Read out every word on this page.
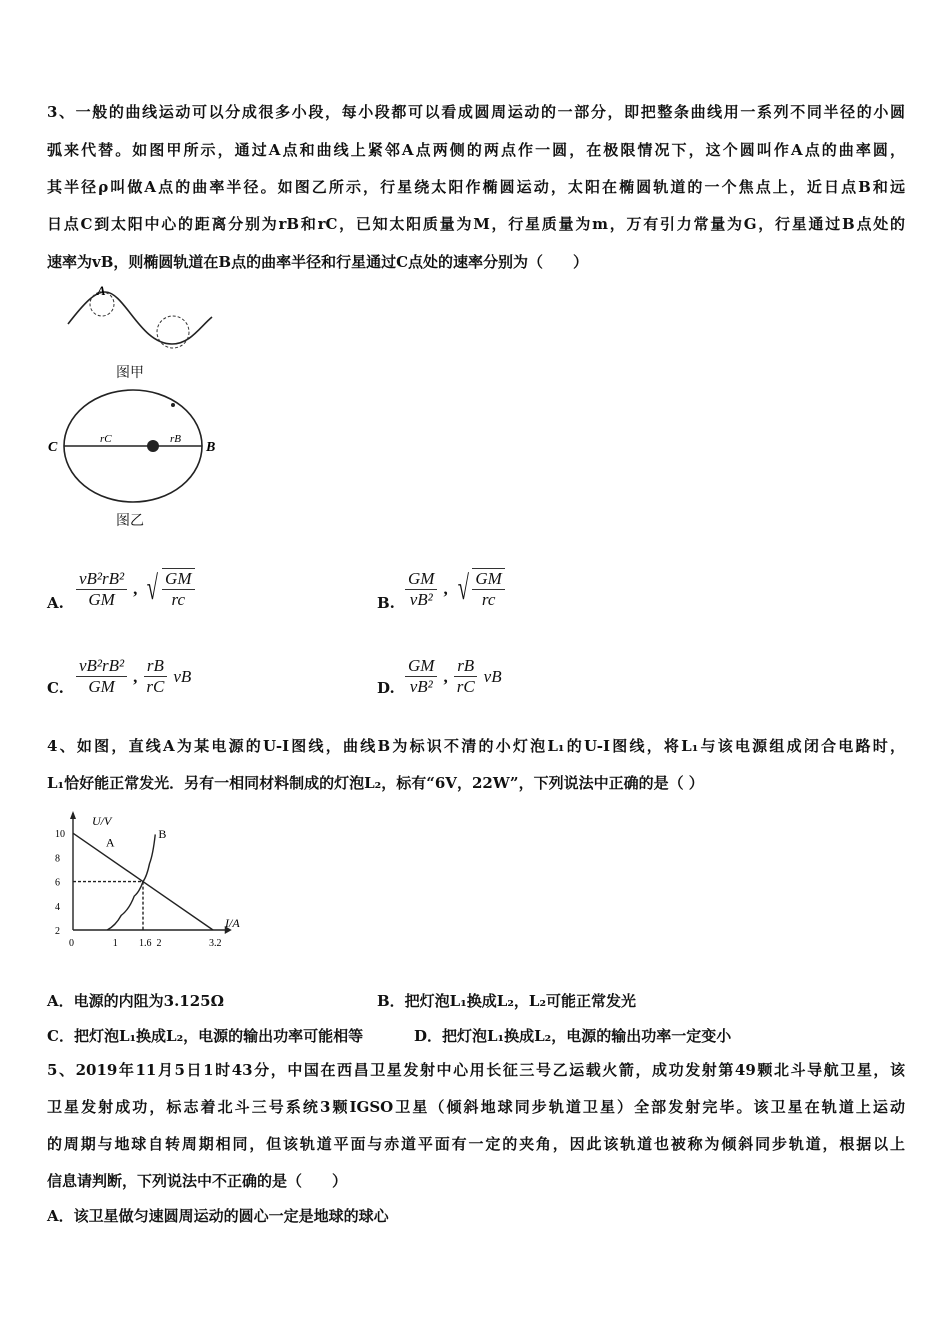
3、一般的曲线运动可以分成很多小段，每小段都可以看成圆周运动的一部分，即把整条曲线用一系列不同半径的小圆
弧来代替。如图甲所示，通过A点和曲线上紧邻A点两侧的两点作一圆，在极限情况下，这个圆叫作A点的曲率圆，
其半径ρ叫做A点的曲率半径。如图乙所示，行星绕太阳作椭圆运动，太阳在椭圆轨道的一个焦点上，近日点B和远
日点C到太阳中心的距离分别为rB和rC，已知太阳质量为M，行星质量为m，万有引力常量为G，行星通过B点处的
速率为vB，则椭圆轨道在B点的曲率半径和行星通过C点处的速率分别为（　　）
A
图甲
C	B
rC	rB
图乙
A. $\frac{\text{vB²rB²}}{GM}$ , √ $\frac{GM}{rc}$	B. $\frac{GM}{\text{vB²}}$ , √ $\frac{GM}{rc}$
C. $\frac{\text{vB²rB²}}{GM}$ , $\frac{rB}{rC}$ vB
D. $\frac{GM}{\text{vB²}}$ , $\frac{rB}{rC}$ vB
4、如图，直线A为某电源的U-I图线，曲线B为标识不清的小灯泡L₁的U-I图线，将L₁与该电源组成闭合电路时，
L₁恰好能正常发光．另有一相同材料制成的灯泡L₂，标有“6V，22W”，下列说法中正确的是（ ）
0	1 1.6 2	3.2
2
4
6
8
10
A
B
U/V
I/A
A．电源的内阻为3.125Ω	B．把灯泡L₁换成L₂，L₂可能正常发光
C．把灯泡L₁换成L₂，电源的输出功率可能相等	D．把灯泡L₁换成L₂，电源的输出功率一定变小
5、2019年11月5日1时43分，中国在西昌卫星发射中心用长征三号乙运载火箭，成功发射第49颗北斗导航卫星，该
卫星发射成功，标志着北斗三号系统3颗IGSO卫星（倾斜地球同步轨道卫星）全部发射完毕。该卫星在轨道上运动
的周期与地球自转周期相同，但该轨道平面与赤道平面有一定的夹角，因此该轨道也被称为倾斜同步轨道，根据以上
信息请判断，下列说法中不正确的是（　　）
A．该卫星做匀速圆周运动的圆心一定是地球的球心
